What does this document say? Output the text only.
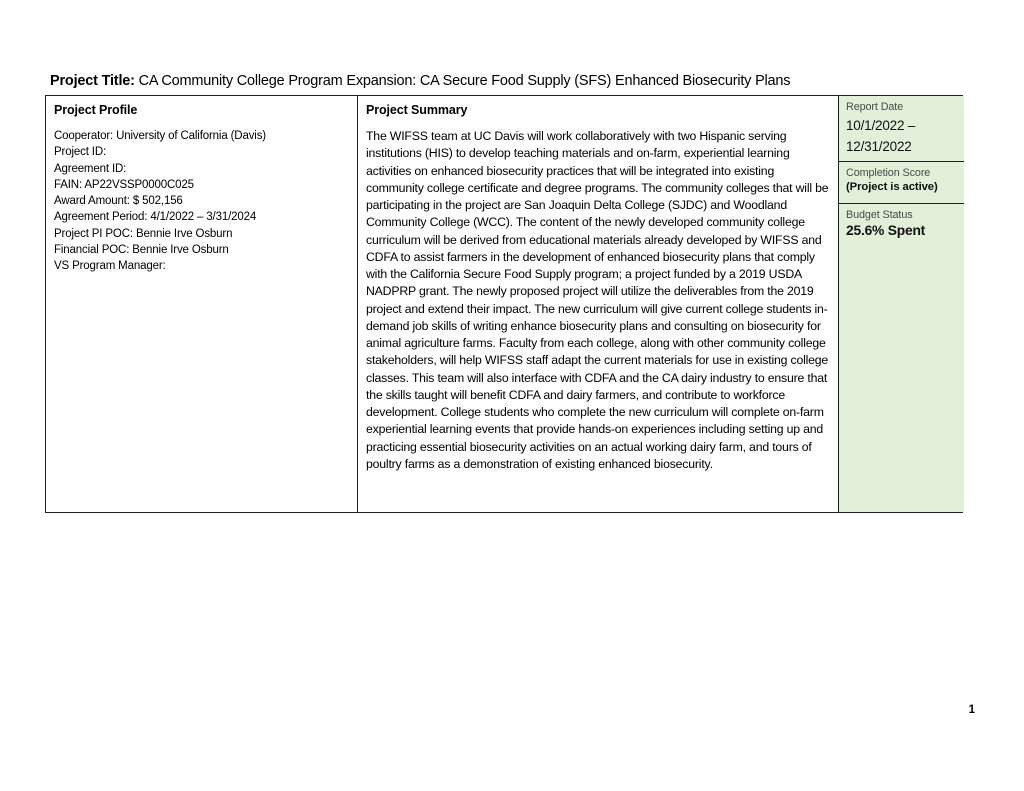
Project Title: CA Community College Program Expansion: CA Secure Food Supply (SFS) Enhanced Biosecurity Plans
Project Profile
Cooperator: University of California (Davis)
Project ID:
Agreement ID:
FAIN: AP22VSSP0000C025
Award Amount: $ 502,156
Agreement Period: 4/1/2022 – 3/31/2024
Project PI POC: Bennie Irve Osburn
Financial POC: Bennie Irve Osburn
VS Program Manager:
Project Summary
The WIFSS team at UC Davis will work collaboratively with two Hispanic serving institutions (HIS) to develop teaching materials and on-farm, experiential learning activities on enhanced biosecurity practices that will be integrated into existing community college certificate and degree programs. The community colleges that will be participating in the project are San Joaquin Delta College (SJDC) and Woodland Community College (WCC). The content of the newly developed community college curriculum will be derived from educational materials already developed by WIFSS and CDFA to assist farmers in the development of enhanced biosecurity plans that comply with the California Secure Food Supply program; a project funded by a 2019 USDA NADPRP grant. The newly proposed project will utilize the deliverables from the 2019 project and extend their impact. The new curriculum will give current college students in-demand job skills of writing enhance biosecurity plans and consulting on biosecurity for animal agriculture farms. Faculty from each college, along with other community college stakeholders, will help WIFSS staff adapt the current materials for use in existing college classes. This team will also interface with CDFA and the CA dairy industry to ensure that the skills taught will benefit CDFA and dairy farmers, and contribute to workforce development. College students who complete the new curriculum will complete on-farm experiential learning events that provide hands-on experiences including setting up and practicing essential biosecurity activities on an actual working dairy farm, and tours of poultry farms as a demonstration of existing enhanced biosecurity.
Report Date
10/1/2022 –
12/31/2022
Completion Score
(Project is active)
Budget Status
25.6% Spent
1
